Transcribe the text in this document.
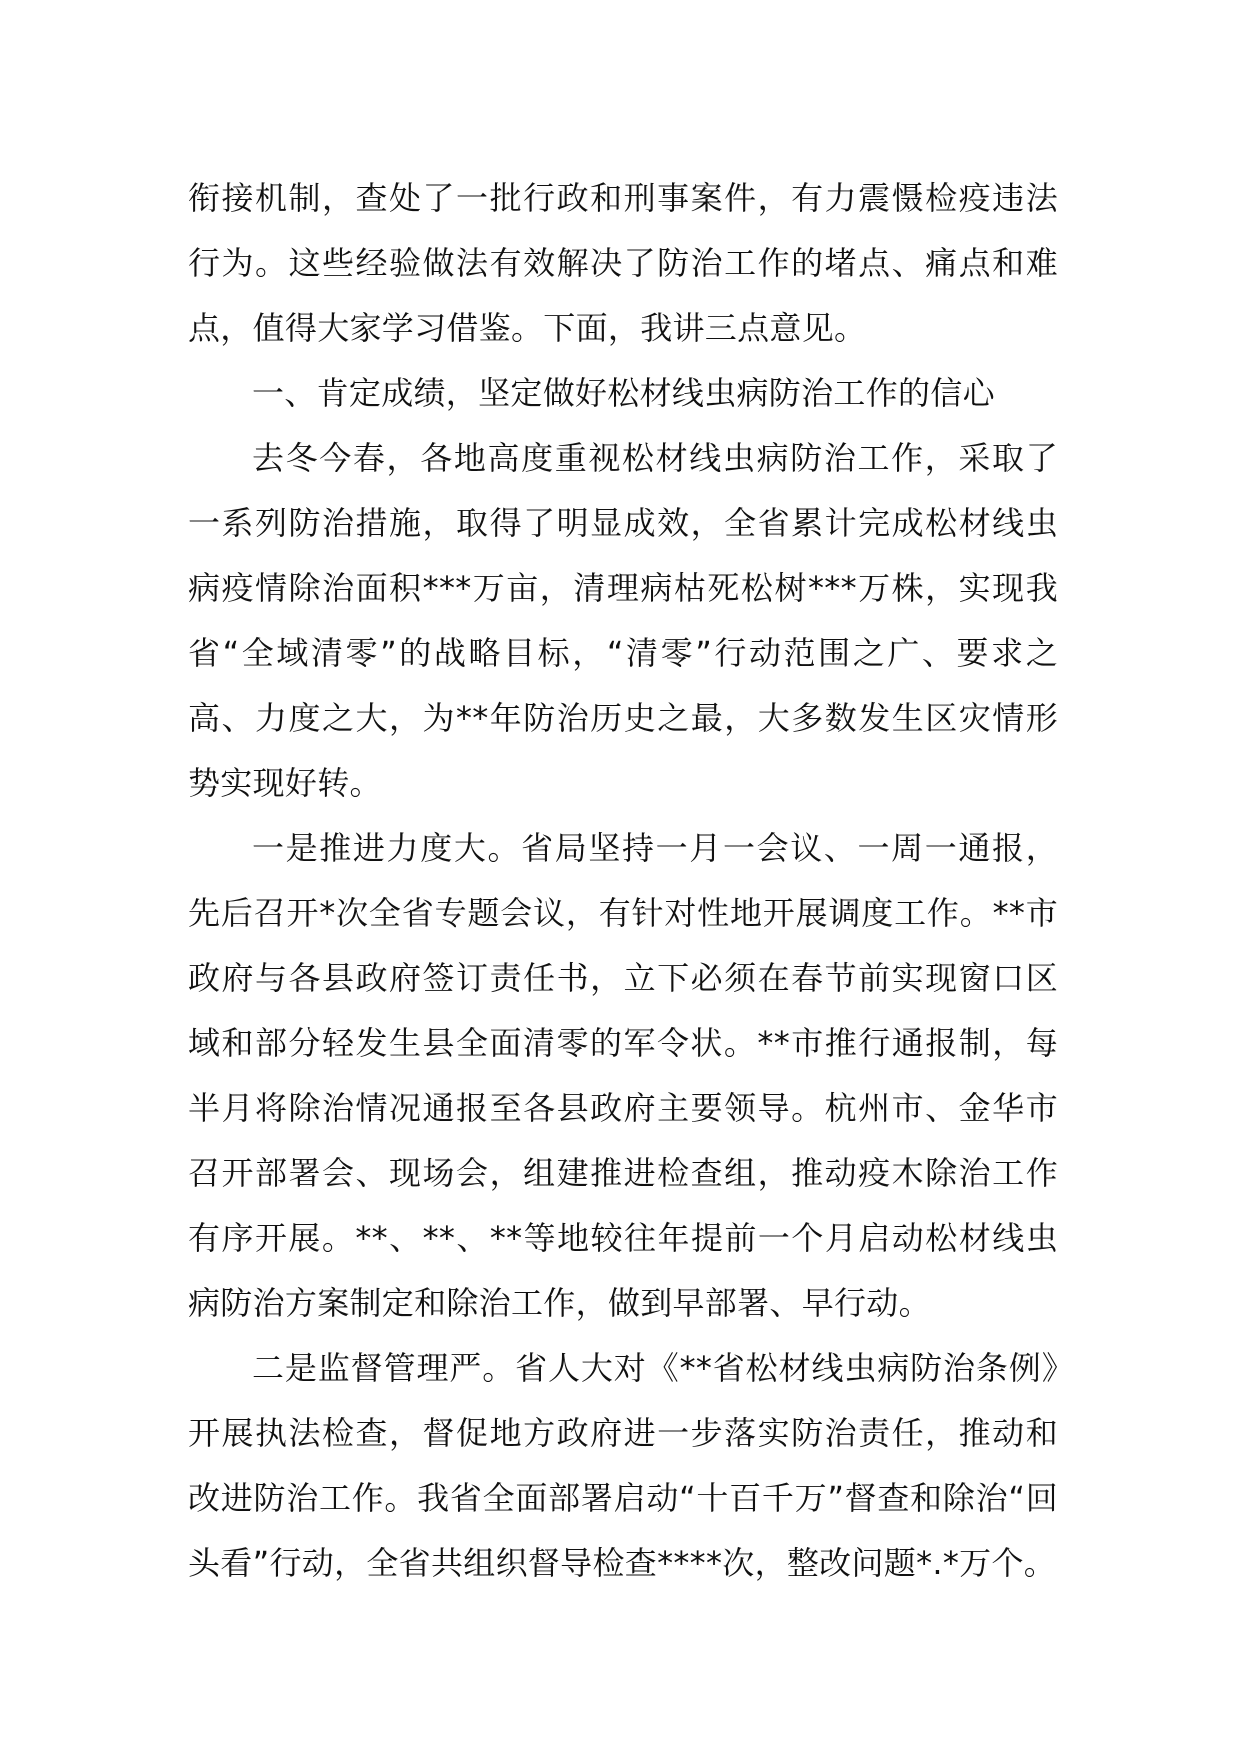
衔接机制，查处了一批行政和刑事案件，有力震慑检疫违法行为。这些经验做法有效解决了防治工作的堵点、痛点和难点，值得大家学习借鉴。下面，我讲三点意见。

一、肯定成绩，坚定做好松材线虫病防治工作的信心

去冬今春，各地高度重视松材线虫病防治工作，采取了一系列防治措施，取得了明显成效，全省累计完成松材线虫病疫情除治面积***万亩，清理病枯死松树***万株，实现我省“全域清零”的战略目标，“清零”行动范围之广、要求之高、力度之大，为**年防治历史之最，大多数发生区灾情形势实现好转。

一是推进力度大。省局坚持一月一会议、一周一通报，先后召开*次全省专题会议，有针对性地开展调度工作。**市政府与各县政府签订责任书，立下必须在春节前实现窗口区域和部分轻发生县全面清零的军令状。**市推行通报制，每半月将除治情况通报至各县政府主要领导。杭州市、金华市召开部署会、现场会，组建推进检查组，推动疫木除治工作有序开展。**、**、**等地较往年提前一个月启动松材线虫病防治方案制定和除治工作，做到早部署、早行动。

二是监督管理严。省人大对《**省松材线虫病防治条例》开展执法检查，督促地方政府进一步落实防治责任，推动和改进防治工作。我省全面部署启动“十百千万”督查和除治“回头看”行动，全省共组织督导检查****次，整改问题*.*万个。
